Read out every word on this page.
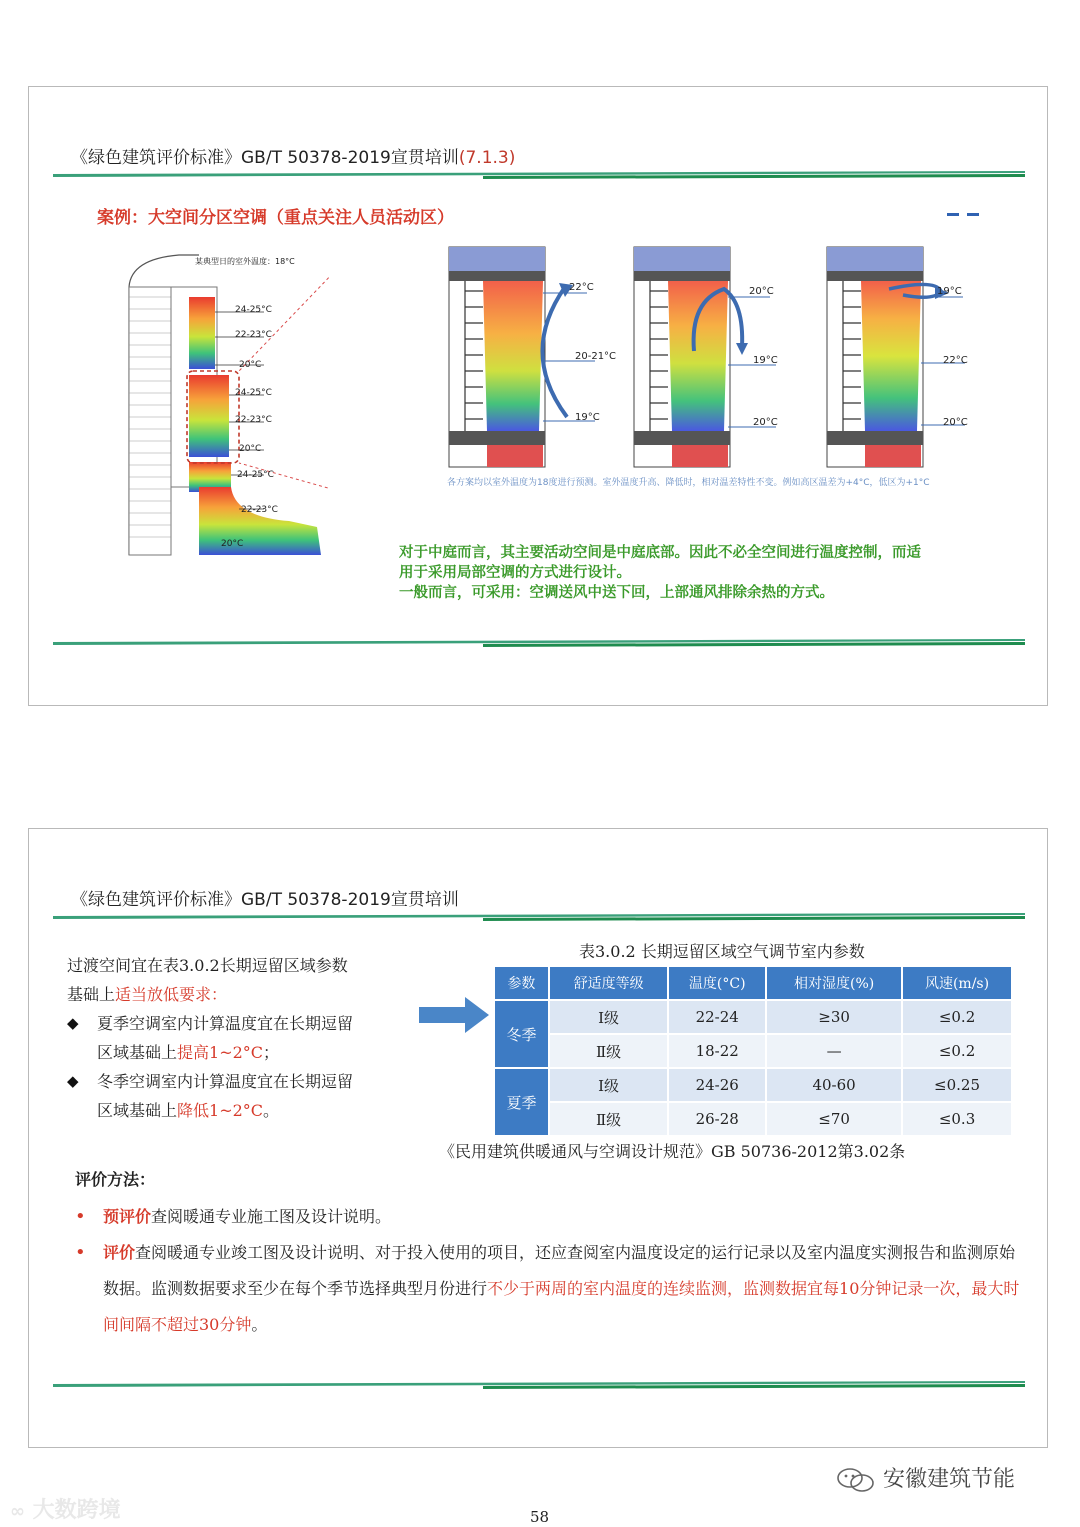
《绿色建筑评价标准》GB/T 50378-2019宣贯培训(7.1.3)
案例：大空间分区空调（重点关注人员活动区）
某典型日的室外温度：18°C
24-25°C
22-23°C
20°C
24-25°C
22-23°C
20°C
24-25°C
22-23°C
20°C
22°C
20-21°C
19°C
20°C
19°C
20°C
19°C
22°C
20°C
各方案均以室外温度为18度进行预测。室外温度升高、降低时，相对温差特性不变。例如高区温差为+4°C，低区为+1°C
对于中庭而言，其主要活动空间是中庭底部。因此不必全空间进行温度控制，而适
用于采用局部空调的方式进行设计。
一般而言，可采用：空调送风中送下回，上部通风排除余热的方式。
《绿色建筑评价标准》GB/T 50378-2019宣贯培训
过渡空间宜在表3.0.2长期逗留区域参数
基础上适当放低要求：
◆ 夏季空调室内计算温度宜在长期逗留
区域基础上提高1~2°C；
◆ 冬季空调室内计算温度宜在长期逗留
区域基础上降低1~2°C。
表3.0.2 长期逗留区域空气调节室内参数
参数	舒适度等级	温度(°C)	相对湿度(%)	风速(m/s)
冬季	Ⅰ级	22-24	≥30	≤0.2
	Ⅱ级	18-22	—	≤0.2
夏季	Ⅰ级	24-26	40-60	≤0.25
	Ⅱ级	26-28	≤70	≤0.3
《民用建筑供暖通风与空调设计规范》GB 50736-2012第3.02条
评价方法：
• 预评价查阅暖通专业施工图及设计说明。
• 评价查阅暖通专业竣工图及设计说明、对于投入使用的项目，还应查阅室内温度设定的运行记录以及室内温度实测报告和监测原始数据。监测数据要求至少在每个季节选择典型月份进行不少于两周的室内温度的连续监测，监测数据宜每10分钟记录一次，最大时间间隔不超过30分钟。
安徽建筑节能
∞ 大数跨境	58
